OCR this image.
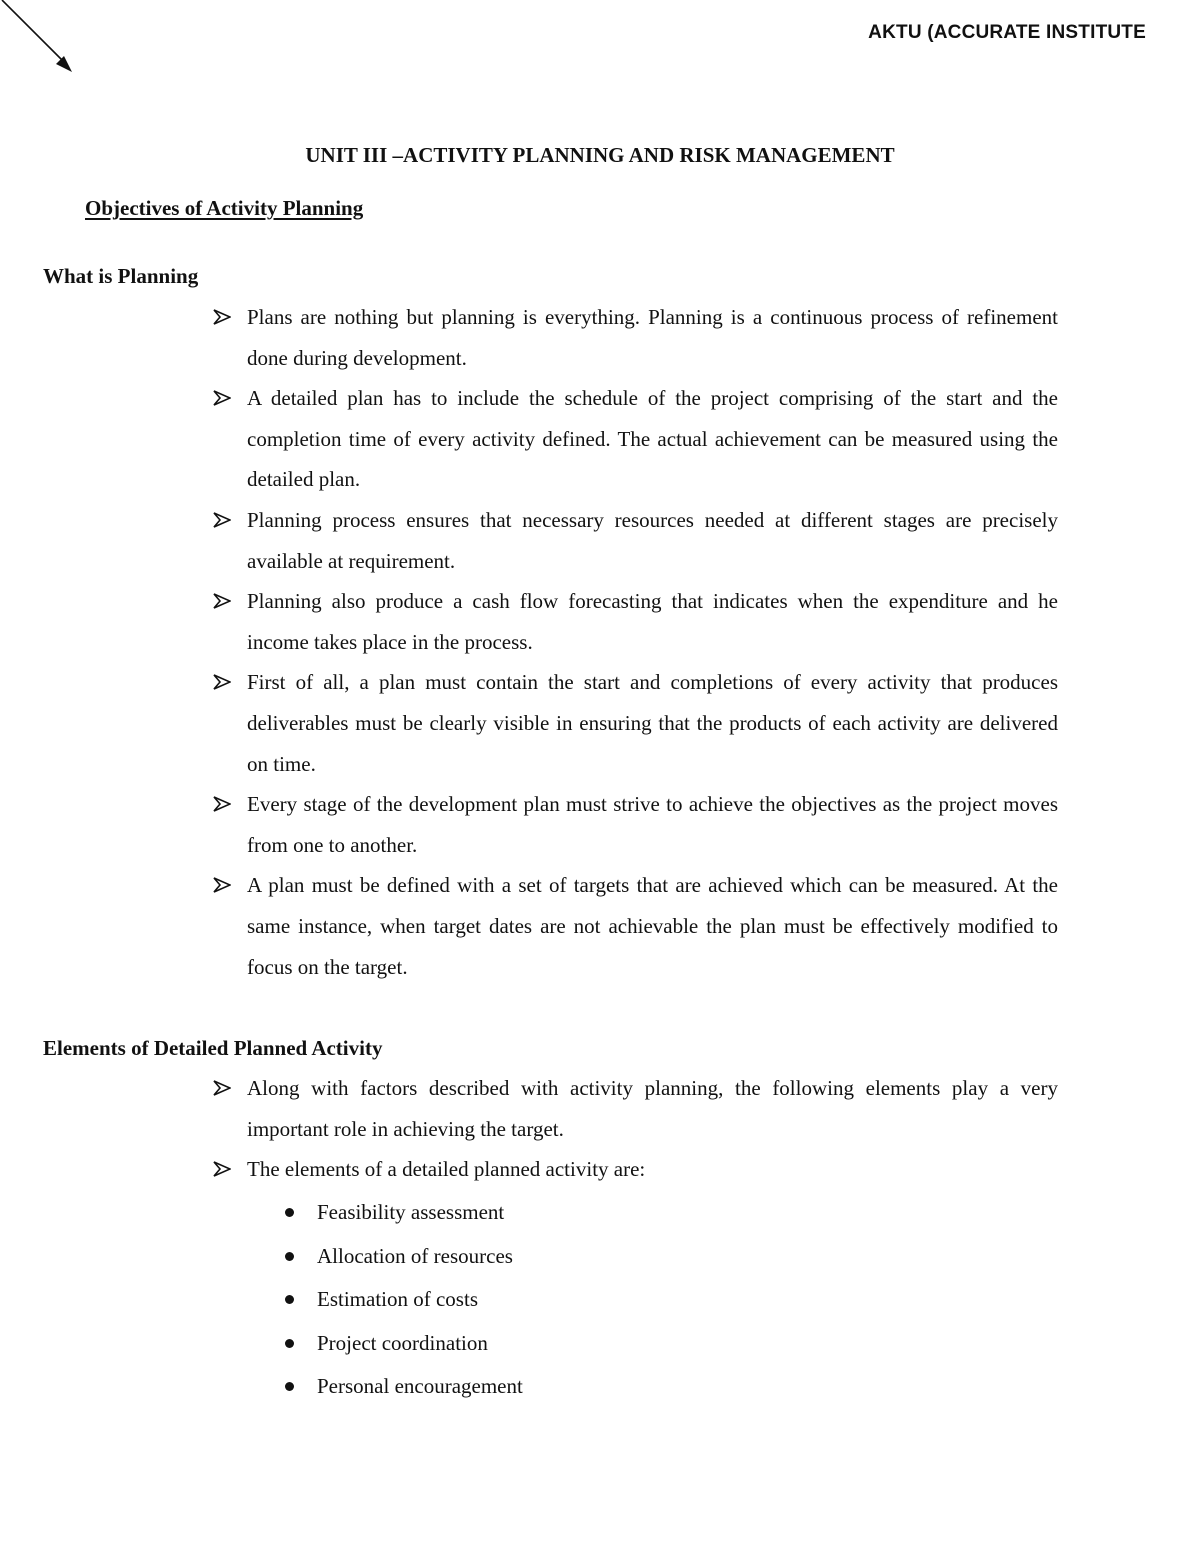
AKTU (ACCURATE INSTITUTE
UNIT III –ACTIVITY PLANNING AND RISK MANAGEMENT
Objectives of Activity Planning
What is Planning
Plans are nothing but planning is everything. Planning is a continuous process of refinement done during development.
A detailed plan has to include the schedule of the project comprising of the start and the completion time of every activity defined. The actual achievement can be measured using the detailed plan.
Planning process ensures that necessary resources needed at different stages are precisely available at requirement.
Planning also produce a cash flow forecasting that indicates when the expenditure and he income takes place in the process.
First of all, a plan must contain the start and completions of every activity that produces deliverables must be clearly visible in ensuring that the products of each activity are delivered on time.
Every stage of the development plan must strive to achieve the objectives as the project moves from one to another.
A plan must be defined with a set of targets that are achieved which can be measured. At the same instance, when target dates are not achievable the plan must be effectively modified to focus on the target.
Elements of Detailed Planned Activity
Along with factors described with activity planning, the following elements play a very important role in achieving the target.
The elements of a detailed planned activity are:
Feasibility assessment
Allocation of resources
Estimation of costs
Project coordination
Personal encouragement
